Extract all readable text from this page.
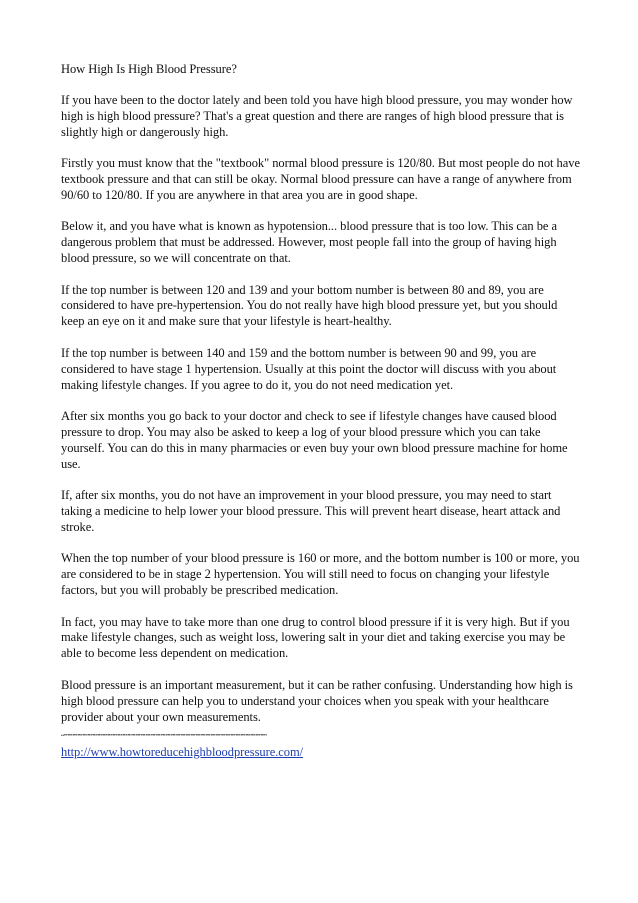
How High Is High Blood Pressure?

If you have been to the doctor lately and been told you have high blood pressure, you may wonder how high is high blood pressure? That's a great question and there are ranges of high blood pressure that is slightly high or dangerously high.

Firstly you must know that the "textbook" normal blood pressure is 120/80. But most people do not have textbook pressure and that can still be okay. Normal blood pressure can have a range of anywhere from 90/60 to 120/80. If you are anywhere in that area you are in good shape.

Below it, and you have what is known as hypotension... blood pressure that is too low. This can be a dangerous problem that must be addressed. However, most people fall into the group of having high blood pressure, so we will concentrate on that.

If the top number is between 120 and 139 and your bottom number is between 80 and 89, you are considered to have pre-hypertension. You do not really have high blood pressure yet, but you should keep an eye on it and make sure that your lifestyle is heart-healthy.

If the top number is between 140 and 159 and the bottom number is between 90 and 99, you are considered to have stage 1 hypertension. Usually at this point the doctor will discuss with you about making lifestyle changes. If you agree to do it, you do not need medication yet.

After six months you go back to your doctor and check to see if lifestyle changes have caused blood pressure to drop. You may also be asked to keep a log of your blood pressure which you can take yourself. You can do this in many pharmacies or even buy your own blood pressure machine for home use.

If, after six months, you do not have an improvement in your blood pressure, you may need to start taking a medicine to help lower your blood pressure. This will prevent heart disease, heart attack and stroke.

When the top number of your blood pressure is 160 or more, and the bottom number is 100 or more, you are considered to be in stage 2 hypertension. You will still need to focus on changing your lifestyle factors, but you will probably be prescribed medication.

In fact, you may have to take more than one drug to control blood pressure if it is very high. But if you make lifestyle changes, such as weight loss, lowering salt in your diet and taking exercise you may be able to become less dependent on medication.

Blood pressure is an important measurement, but it can be rather confusing. Understanding how high is high blood pressure can help you to understand your choices when you speak with your healthcare provider about your own measurements.

“”””””””””””””””””””””””””””””””””””””””””””””””””””””””””””””””””””””””””””””””””

http://www.howtoreducehighbloodpressure.com/
